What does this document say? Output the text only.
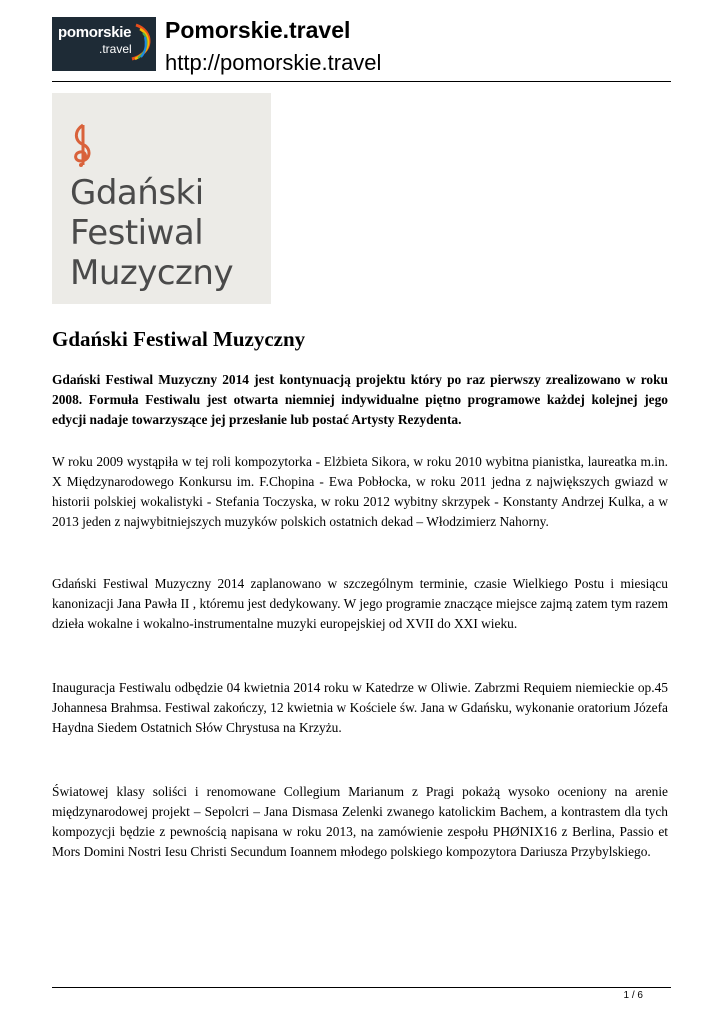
pomorskie
.travel
Pomorskie.travel
http://pomorskie.travel
Gdański
Festiwal
Muzyczny
Gdański Festiwal Muzyczny

Gdański Festiwal Muzyczny 2014 jest kontynuacją projektu który po raz pierwszy zrealizowano w roku 2008. Formuła Festiwalu jest otwarta niemniej indywidualne piętno programowe każdej kolejnej jego edycji nadaje towarzyszące jej przesłanie lub postać Artysty Rezydenta.

W roku 2009 wystąpiła w tej roli kompozytorka - Elżbieta Sikora, w roku 2010 wybitna pianistka, laureatka m.in. X Międzynarodowego Konkursu im. F.Chopina - Ewa Pobłocka, w roku 2011 jedna z największych gwiazd w historii polskiej wokalistyki - Stefania Toczyska, w roku 2012 wybitny skrzypek - Konstanty Andrzej Kulka, a w 2013 jeden z najwybitniejszych muzyków polskich ostatnich dekad – Włodzimierz Nahorny.

Gdański Festiwal Muzyczny 2014 zaplanowano w szczególnym terminie, czasie Wielkiego Postu i miesiącu kanonizacji Jana Pawła II , któremu jest dedykowany. W jego programie znaczące miejsce zajmą zatem tym razem dzieła wokalne i wokalno-instrumentalne muzyki europejskiej od XVII do XXI wieku.

Inauguracja Festiwalu odbędzie 04 kwietnia 2014 roku w Katedrze w Oliwie. Zabrzmi Requiem niemieckie op.45 Johannesa Brahmsa. Festiwal zakończy, 12 kwietnia w Kościele św. Jana w Gdańsku, wykonanie oratorium Józefa Haydna Siedem Ostatnich Słów Chrystusa na Krzyżu.

Światowej klasy soliści i renomowane Collegium Marianum z Pragi pokażą wysoko oceniony na arenie międzynarodowej projekt – Sepolcri – Jana Dismasa Zelenki zwanego katolickim Bachem, a kontrastem dla tych kompozycji będzie z pewnością napisana w roku 2013, na zamówienie zespołu PHØNIX16 z Berlina, Passio et Mors Domini Nostri Iesu Christi Secundum Ioannem młodego polskiego kompozytora Dariusza Przybylskiego.

1 / 6
